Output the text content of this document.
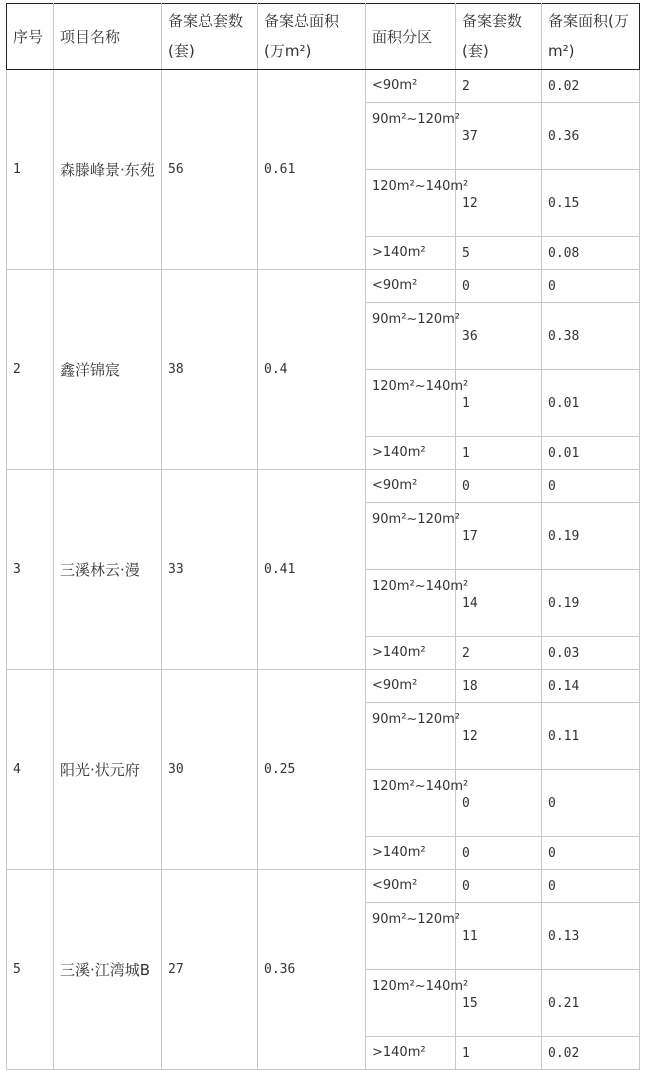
序号	项目名称	备案总套数(套)	备案总面积(万m²)	面积分区	备案套数(套)	备案面积(万m²)
1	森滕峰景·东苑	56	0.61	<90m²	2	0.02
				90m²~120m²	37	0.36
				120m²~140m²	12	0.15
				>140m²	5	0.08
2	鑫洋锦宸	38	0.4	<90m²	0	0
				90m²~120m²	36	0.38
				120m²~140m²	1	0.01
				>140m²	1	0.01
3	三溪林云·漫	33	0.41	<90m²	0	0
				90m²~120m²	17	0.19
				120m²~140m²	14	0.19
				>140m²	2	0.03
4	阳光·状元府	30	0.25	<90m²	18	0.14
				90m²~120m²	12	0.11
				120m²~140m²	0	0
				>140m²	0	0
5	三溪·江湾城B	27	0.36	<90m²	0	0
				90m²~120m²	11	0.13
				120m²~140m²	15	0.21
				>140m²	1	0.02
